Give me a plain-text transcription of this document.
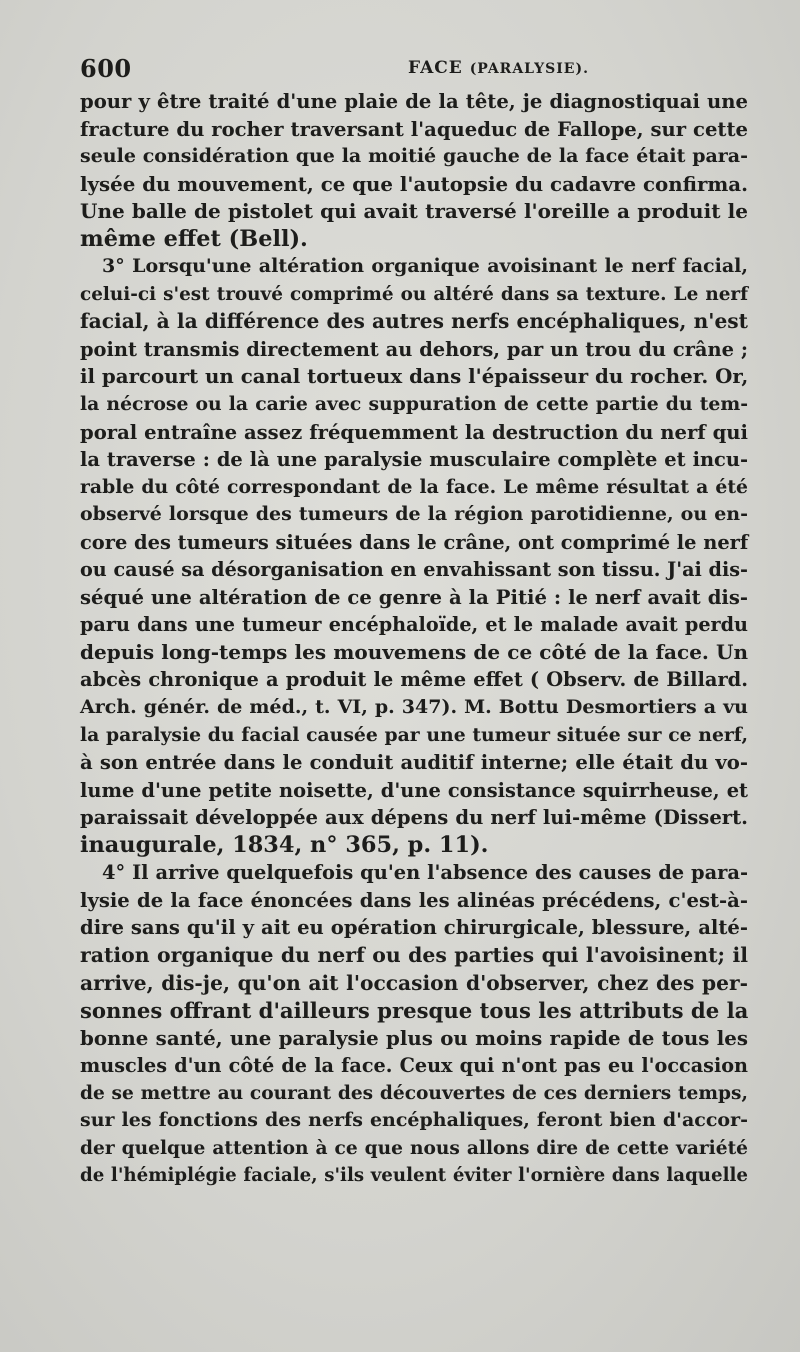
600	FACE (PARALYSIE).
pour y être traité d'une plaie de la tête, je diagnostiquai une
fracture du rocher traversant l'aqueduc de Fallope, sur cette
seule considération que la moitié gauche de la face était para-
lysée du mouvement, ce que l'autopsie du cadavre confirma.
Une balle de pistolet qui avait traversé l'oreille a produit le
même effet (Bell).
3° Lorsqu'une altération organique avoisinant le nerf facial,
celui-ci s'est trouvé comprimé ou altéré dans sa texture. Le nerf
facial, à la différence des autres nerfs encéphaliques, n'est
point transmis directement au dehors, par un trou du crâne ;
il parcourt un canal tortueux dans l'épaisseur du rocher. Or,
la nécrose ou la carie avec suppuration de cette partie du tem-
poral entraîne assez fréquemment la destruction du nerf qui
la traverse : de là une paralysie musculaire complète et incu-
rable du côté correspondant de la face. Le même résultat a été
observé lorsque des tumeurs de la région parotidienne, ou en-
core des tumeurs situées dans le crâne, ont comprimé le nerf
ou causé sa désorganisation en envahissant son tissu. J'ai dis-
séqué une altération de ce genre à la Pitié : le nerf avait dis-
paru dans une tumeur encéphaloïde, et le malade avait perdu
depuis long-temps les mouvemens de ce côté de la face. Un
abcès chronique a produit le même effet ( Observ. de Billard.
Arch. génér. de méd., t. VI, p. 347). M. Bottu Desmortiers a vu
la paralysie du facial causée par une tumeur située sur ce nerf,
à son entrée dans le conduit auditif interne; elle était du vo-
lume d'une petite noisette, d'une consistance squirrheuse, et
paraissait développée aux dépens du nerf lui-même (Dissert.
inaugurale, 1834, n° 365, p. 11).
4° Il arrive quelquefois qu'en l'absence des causes de para-
lysie de la face énoncées dans les alinéas précédens, c'est-à-
dire sans qu'il y ait eu opération chirurgicale, blessure, alté-
ration organique du nerf ou des parties qui l'avoisinent; il
arrive, dis-je, qu'on ait l'occasion d'observer, chez des per-
sonnes offrant d'ailleurs presque tous les attributs de la
bonne santé, une paralysie plus ou moins rapide de tous les
muscles d'un côté de la face. Ceux qui n'ont pas eu l'occasion
de se mettre au courant des découvertes de ces derniers temps,
sur les fonctions des nerfs encéphaliques, feront bien d'accor-
der quelque attention à ce que nous allons dire de cette variété
de l'hémiplégie faciale, s'ils veulent éviter l'ornière dans laquelle
